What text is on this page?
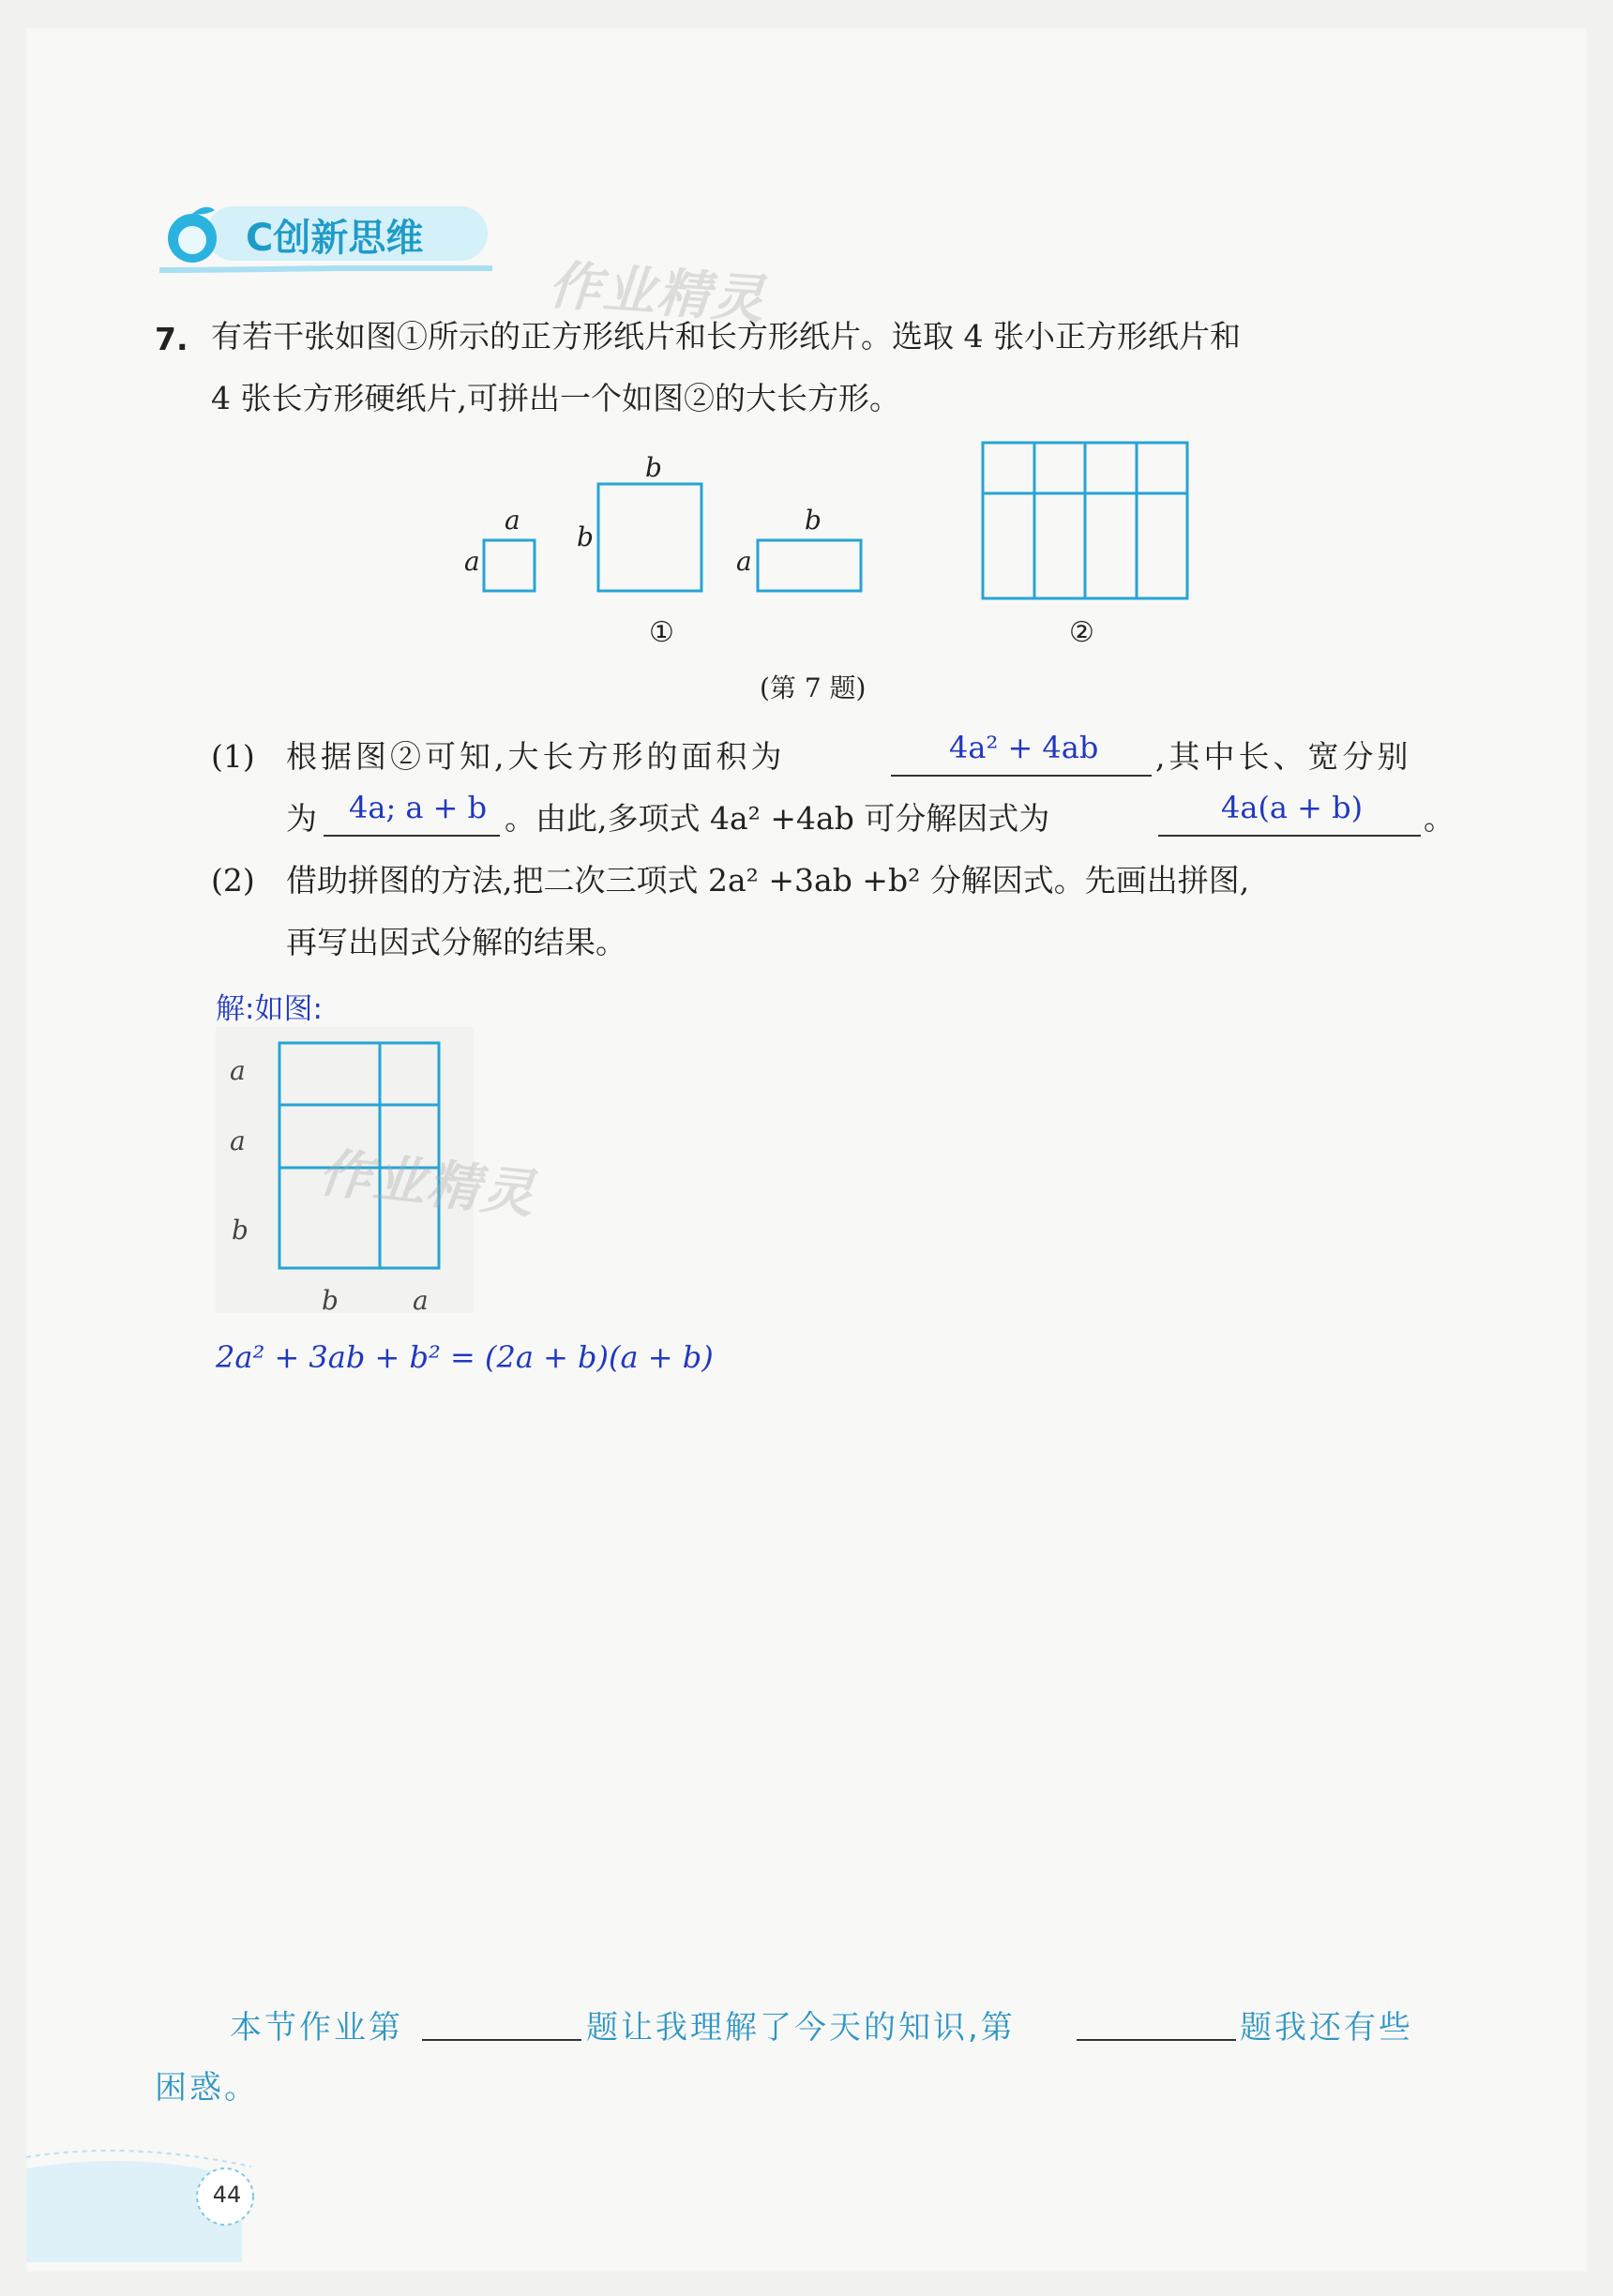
C创新思维
作业精灵
7. 有若干张如图①所示的正方形纸片和长方形纸片。选取 4 张小正方形纸片和
4 张长方形硬纸片,可拼出一个如图②的大长方形。
a
a
b
b
b
a
①	②
(第 7 题)
(1) 根据图②可知,大长方形的面积为	4a² + 4ab ,其中长、宽分别
为 4a; a + b 。由此,多项式 4a² +4ab 可分解因式为	4a(a + b) 。
(2) 借助拼图的方法,把二次三项式 2a² +3ab +b² 分解因式。先画出拼图,
再写出因式分解的结果。
解:如图:
a
a
b
b	a
作业精灵
2a² + 3ab + b² = (2a + b)(a + b)
本节作业第	题让我理解了今天的知识,第	题我还有些
困惑。
44
